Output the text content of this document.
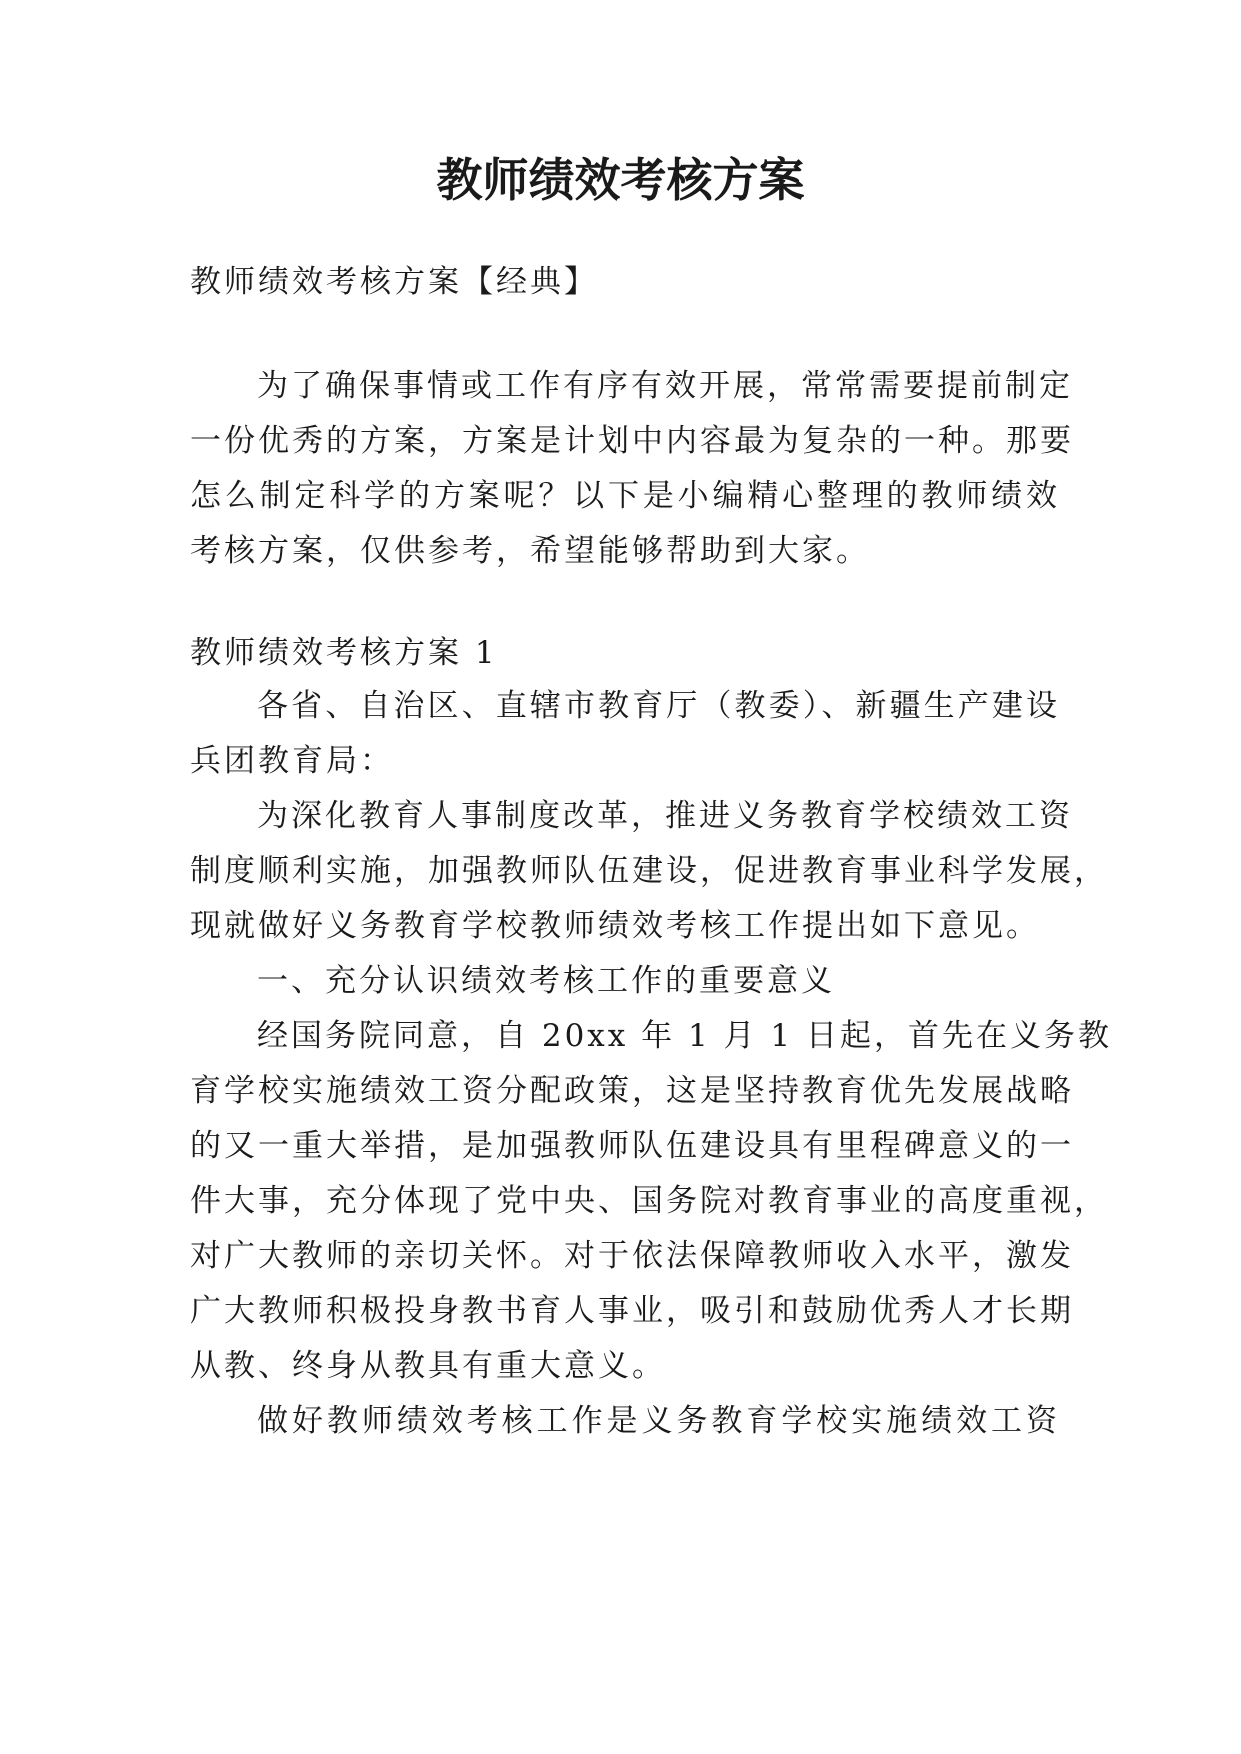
教师绩效考核方案
教师绩效考核方案【经典】
为了确保事情或工作有序有效开展，常常需要提前制定
一份优秀的方案，方案是计划中内容最为复杂的一种。那要
怎么制定科学的方案呢？以下是小编精心整理的教师绩效
考核方案，仅供参考，希望能够帮助到大家。
教师绩效考核方案 1
各省、自治区、直辖市教育厅（教委）、新疆生产建设
兵团教育局：
为深化教育人事制度改革，推进义务教育学校绩效工资
制度顺利实施，加强教师队伍建设，促进教育事业科学发展，
现就做好义务教育学校教师绩效考核工作提出如下意见。
一、充分认识绩效考核工作的重要意义
经国务院同意，自 20xx 年 1 月 1 日起，首先在义务教
育学校实施绩效工资分配政策，这是坚持教育优先发展战略
的又一重大举措，是加强教师队伍建设具有里程碑意义的一
件大事，充分体现了党中央、国务院对教育事业的高度重视，
对广大教师的亲切关怀。对于依法保障教师收入水平，激发
广大教师积极投身教书育人事业，吸引和鼓励优秀人才长期
从教、终身从教具有重大意义。
做好教师绩效考核工作是义务教育学校实施绩效工资
